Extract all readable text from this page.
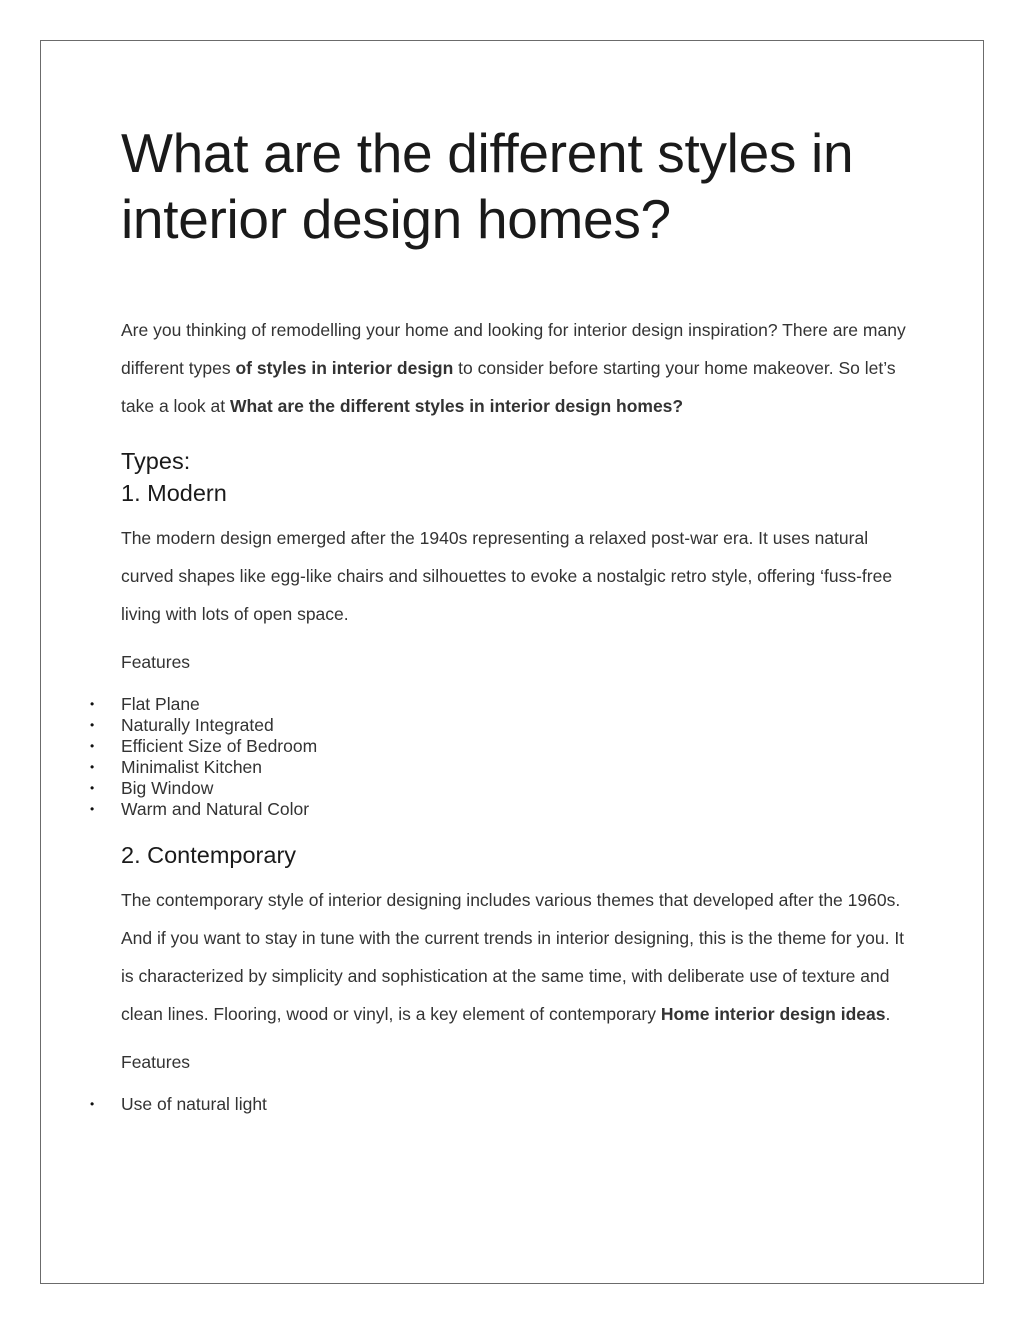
What are the different styles in interior design homes?

Are you thinking of remodelling your home and looking for interior design inspiration? There are many different types of styles in interior design to consider before starting your home makeover. So let’s take a look at What are the different styles in interior design homes?

Types:
1. Modern

The modern design emerged after the 1940s representing a relaxed post-war era. It uses natural curved shapes like egg-like chairs and silhouettes to evoke a nostalgic retro style, offering ‘fuss-free living with lots of open space.

Features

• Flat Plane
• Naturally Integrated
• Efficient Size of Bedroom
• Minimalist Kitchen
• Big Window
• Warm and Natural Color
2. Contemporary

The contemporary style of interior designing includes various themes that developed after the 1960s. And if you want to stay in tune with the current trends in interior designing, this is the theme for you. It is characterized by simplicity and sophistication at the same time, with deliberate use of texture and clean lines. Flooring, wood or vinyl, is a key element of contemporary Home interior design ideas.

Features

• Use of natural light
